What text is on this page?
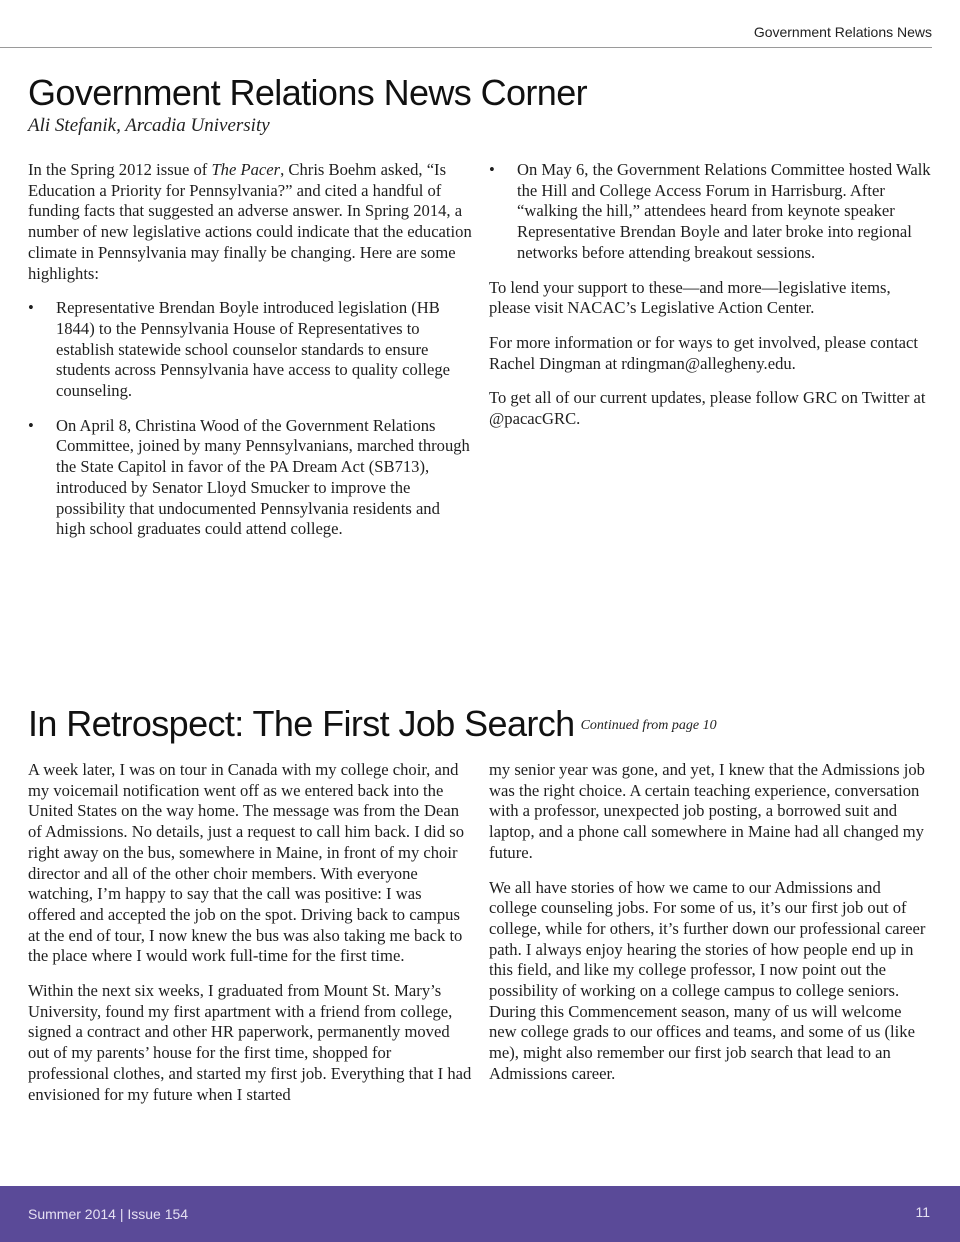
Government Relations News
Government Relations News Corner
Ali Stefanik, Arcadia University

In the Spring 2012 issue of The Pacer, Chris Boehm asked, “Is Education a Priority for Pennsylvania?” and cited a handful of funding facts that suggested an adverse answer. In Spring 2014, a number of new legislative actions could indicate that the education climate in Pennsylvania may finally be changing. Here are some highlights:

• Representative Brendan Boyle introduced legislation (HB 1844) to the Pennsylvania House of Representatives to establish statewide school counselor standards to ensure students across Pennsylvania have access to quality college counseling.
• On April 8, Christina Wood of the Government Relations Committee, joined by many Pennsylvanians, marched through the State Capitol in favor of the PA Dream Act (SB713), introduced by Senator Lloyd Smucker to improve the possibility that undocumented Pennsylvania residents and high school graduates could attend college.
• On May 6, the Government Relations Committee hosted Walk the Hill and College Access Forum in Harrisburg. After “walking the hill,” attendees heard from keynote speaker Representative Brendan Boyle and later broke into regional networks before attending breakout sessions.

To lend your support to these—and more—legislative items, please visit NACAC’s Legislative Action Center.

For more information or for ways to get involved, please contact Rachel Dingman at rdingman@allegheny.edu.

To get all of our current updates, please follow GRC on Twitter at @pacacGRC.

In Retrospect: The First Job Search Continued from page 10

A week later, I was on tour in Canada with my college choir, and my voicemail notification went off as we entered back into the United States on the way home. The message was from the Dean of Admissions. No details, just a request to call him back. I did so right away on the bus, somewhere in Maine, in front of my choir director and all of the other choir members. With everyone watching, I’m happy to say that the call was positive: I was offered and accepted the job on the spot. Driving back to campus at the end of tour, I now knew the bus was also taking me back to the place where I would work full-time for the first time.

Within the next six weeks, I graduated from Mount St. Mary’s University, found my first apartment with a friend from college, signed a contract and other HR paperwork, permanently moved out of my parents’ house for the first time, shopped for professional clothes, and started my first job. Everything that I had envisioned for my future when I started

my senior year was gone, and yet, I knew that the Admissions job was the right choice. A certain teaching experience, conversation with a professor, unexpected job posting, a borrowed suit and laptop, and a phone call somewhere in Maine had all changed my future.

We all have stories of how we came to our Admissions and college counseling jobs. For some of us, it’s our first job out of college, while for others, it’s further down our professional career path. I always enjoy hearing the stories of how people end up in this field, and like my college professor, I now point out the possibility of working on a college campus to college seniors. During this Commencement season, many of us will welcome new college grads to our offices and teams, and some of us (like me), might also remember our first job search that lead to an Admissions career.

Summer 2014 | Issue 154	11
